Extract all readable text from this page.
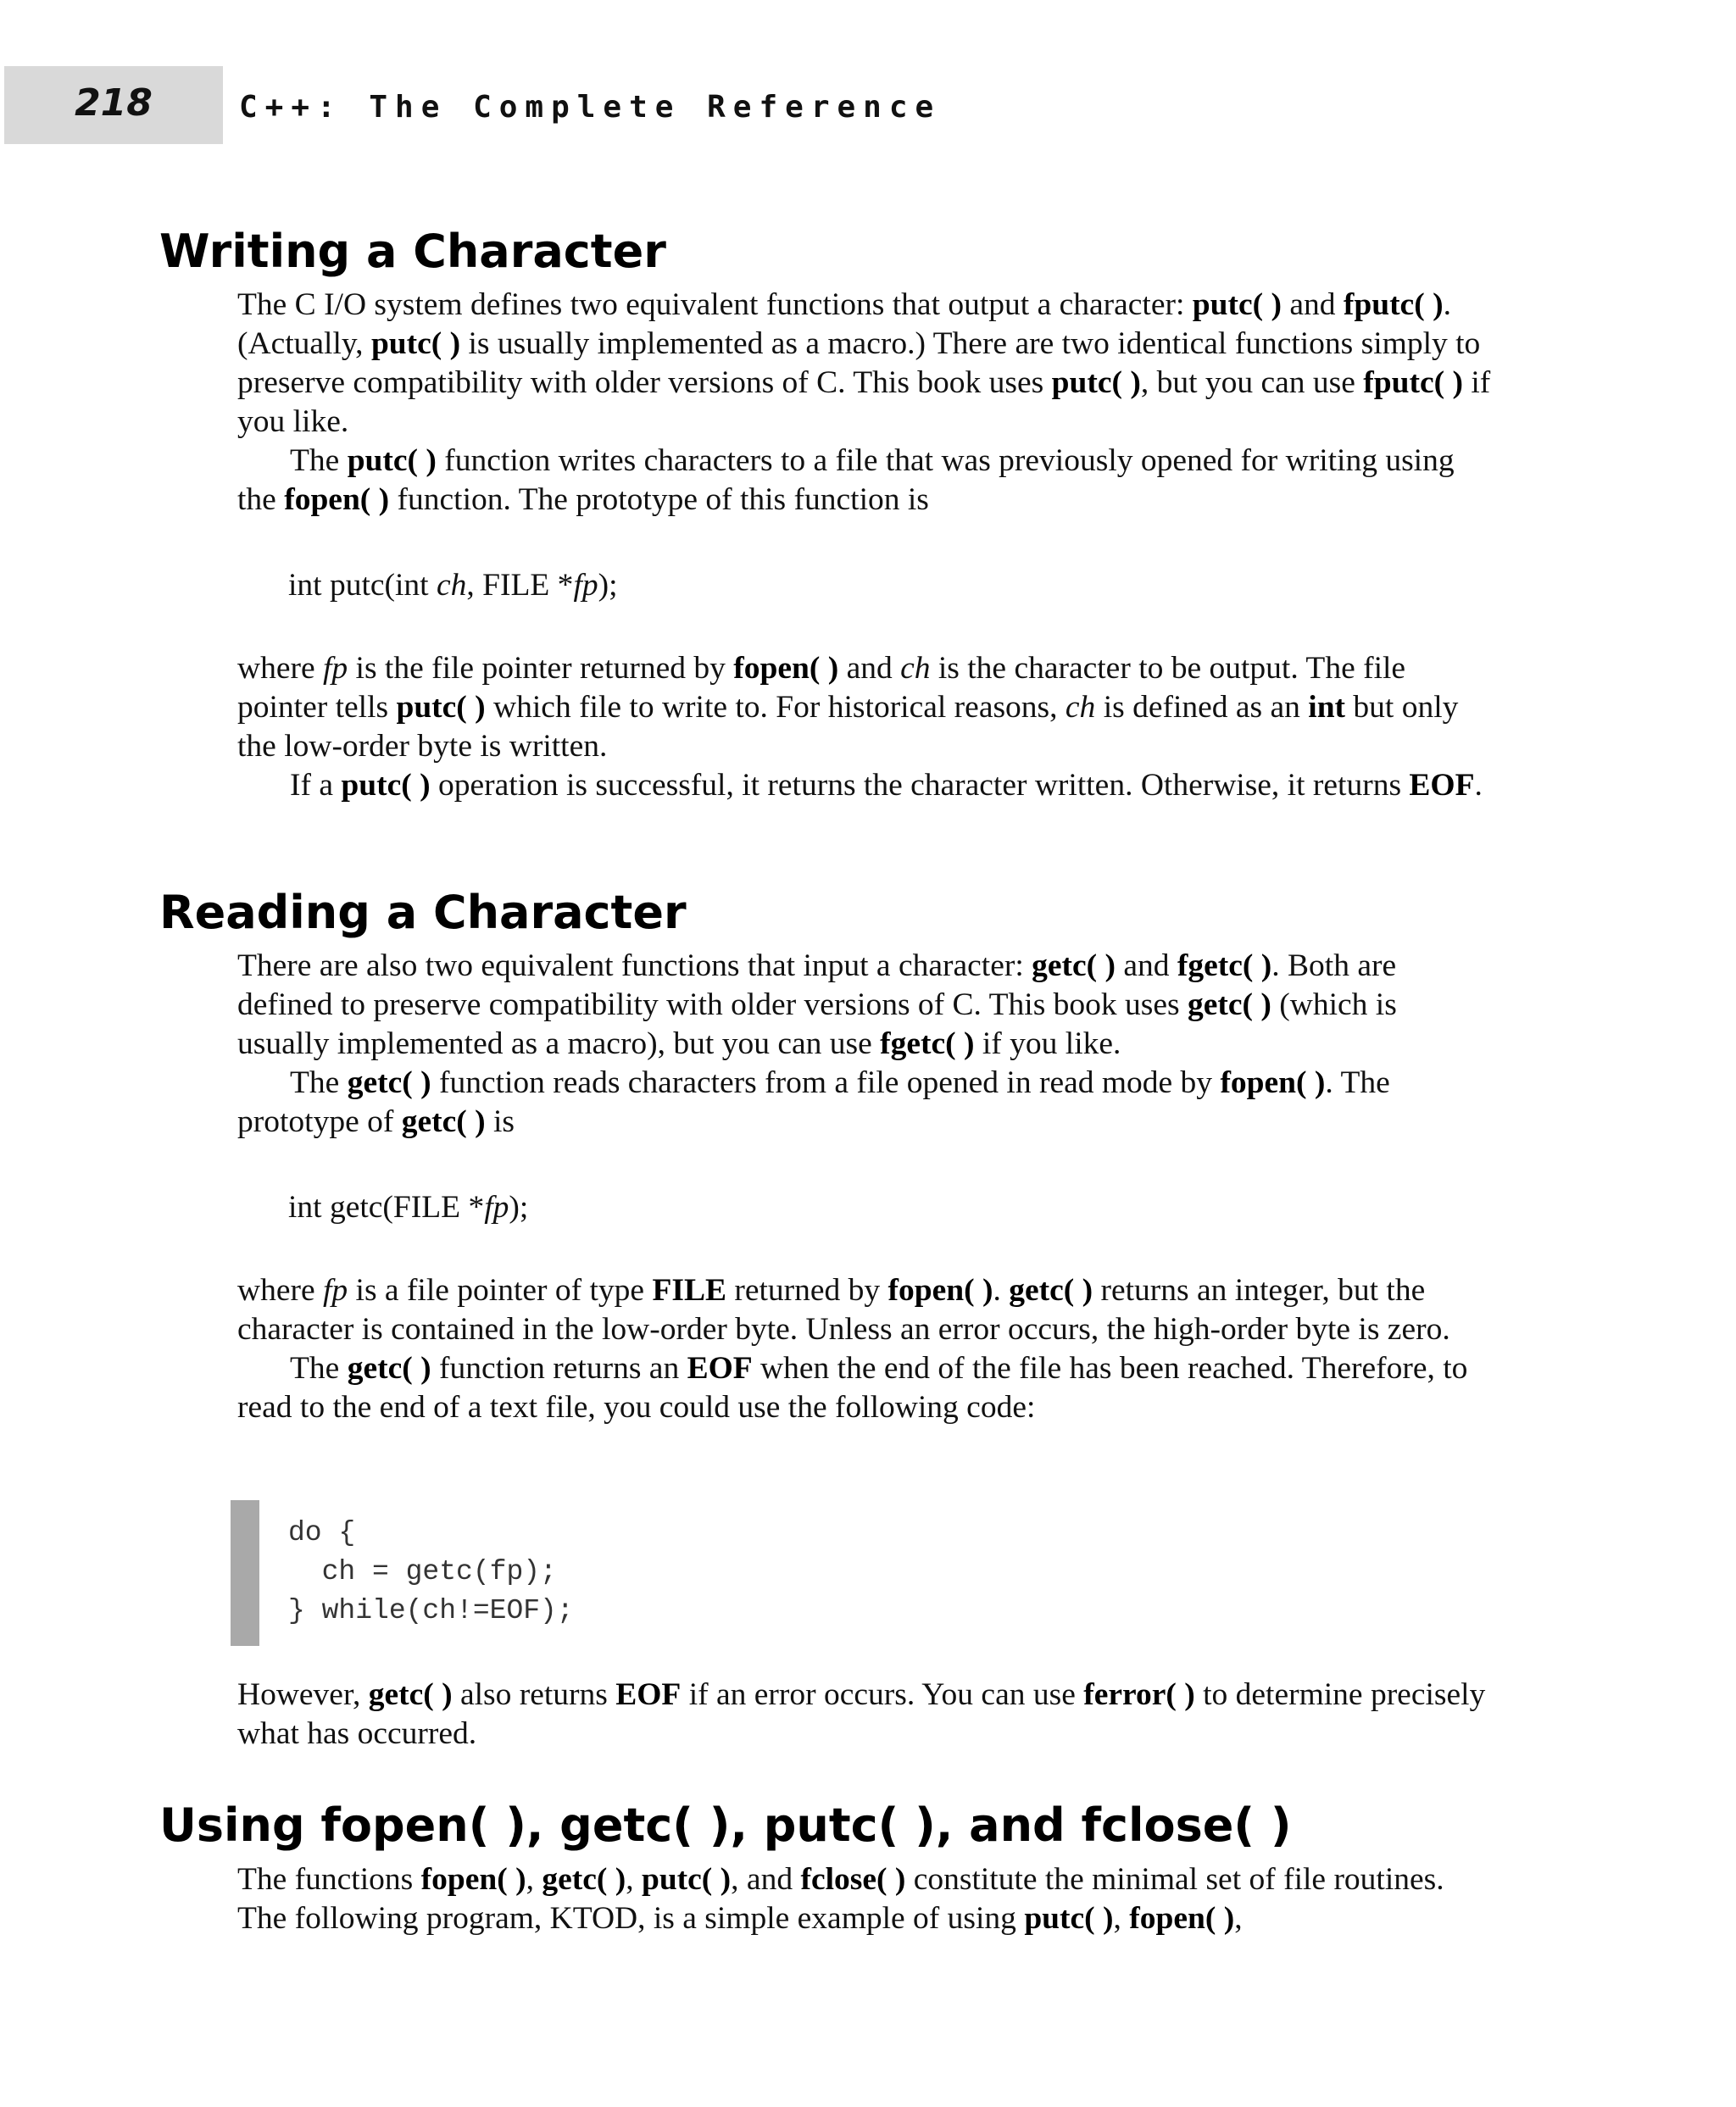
218	C++: The Complete Reference
Writing a Character

The C I/O system defines two equivalent functions that output a character: putc( ) and fputc( ). (Actually, putc( ) is usually implemented as a macro.) There are two identical functions simply to preserve compatibility with older versions of C. This book uses putc( ), but you can use fputc( ) if you like.

The putc( ) function writes characters to a file that was previously opened for writing using the fopen( ) function. The prototype of this function is

int putc(int ch, FILE *fp);

where fp is the file pointer returned by fopen( ) and ch is the character to be output. The file pointer tells putc( ) which file to write to. For historical reasons, ch is defined as an int but only the low-order byte is written.

If a putc( ) operation is successful, it returns the character written. Otherwise, it returns EOF.

Reading a Character

There are also two equivalent functions that input a character: getc( ) and fgetc( ). Both are defined to preserve compatibility with older versions of C. This book uses getc( ) (which is usually implemented as a macro), but you can use fgetc( ) if you like.

The getc( ) function reads characters from a file opened in read mode by fopen( ). The prototype of getc( ) is

int getc(FILE *fp);

where fp is a file pointer of type FILE returned by fopen( ). getc( ) returns an integer, but the character is contained in the low-order byte. Unless an error occurs, the high-order byte is zero.

The getc( ) function returns an EOF when the end of the file has been reached. Therefore, to read to the end of a text file, you could use the following code:

do {
ch = getc(fp);
} while(ch!=EOF);

However, getc( ) also returns EOF if an error occurs. You can use ferror( ) to determine precisely what has occurred.

Using fopen( ), getc( ), putc( ), and fclose( )

The functions fopen( ), getc( ), putc( ), and fclose( ) constitute the minimal set of file routines. The following program, KTOD, is a simple example of using putc( ), fopen( ),
